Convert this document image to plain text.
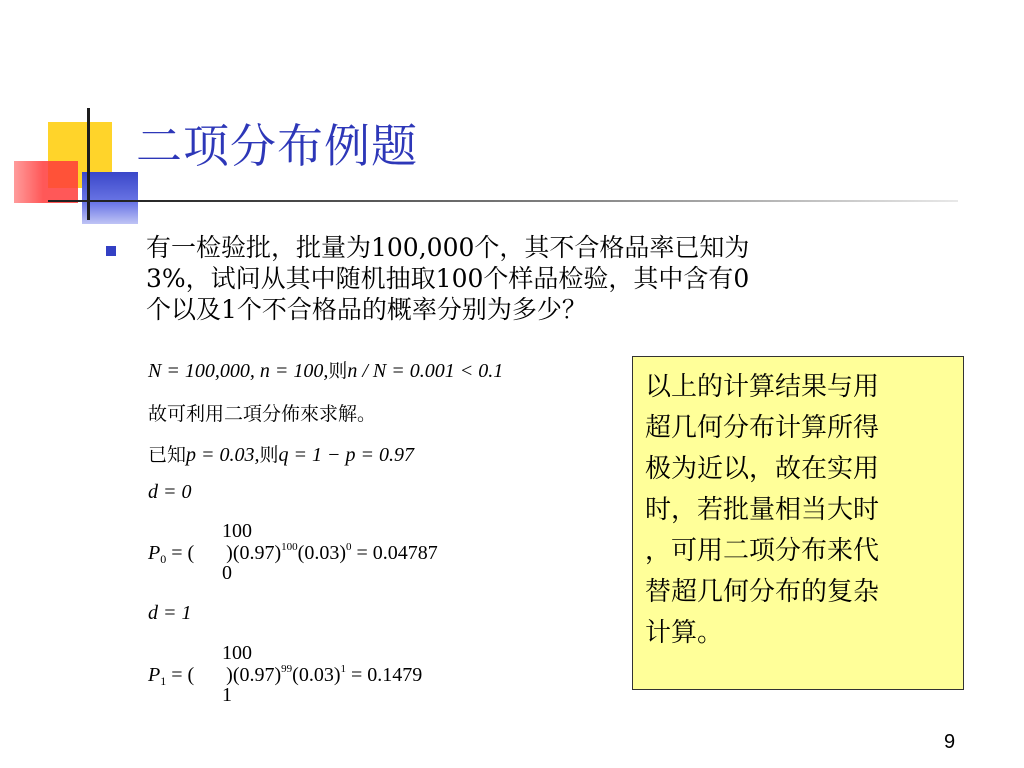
二项分布例题
有一检验批，批量为100,000个，其不合格品率已知为
3%，试问从其中随机抽取100个样品检验，其中含有0
个以及1个不合格品的概率分别为多少？
N = 100,000, n = 100,则n / N = 0.001 < 0.1
故可利用二項分佈來求解。
已知p = 0.03,则q = 1 − p = 0.97
d = 0
100
0
$P_0$ = ( )$(0.97)^{100}(0.03)^0 = 0.04787$
d = 1
100
1
$P_1$ = ( )$(0.97)^{99}(0.03)^1 = 0.1479$
以上的计算结果与用
超几何分布计算所得
极为近以，故在实用
时，若批量相当大时
，可用二项分布来代
替超几何分布的复杂
计算。
9
